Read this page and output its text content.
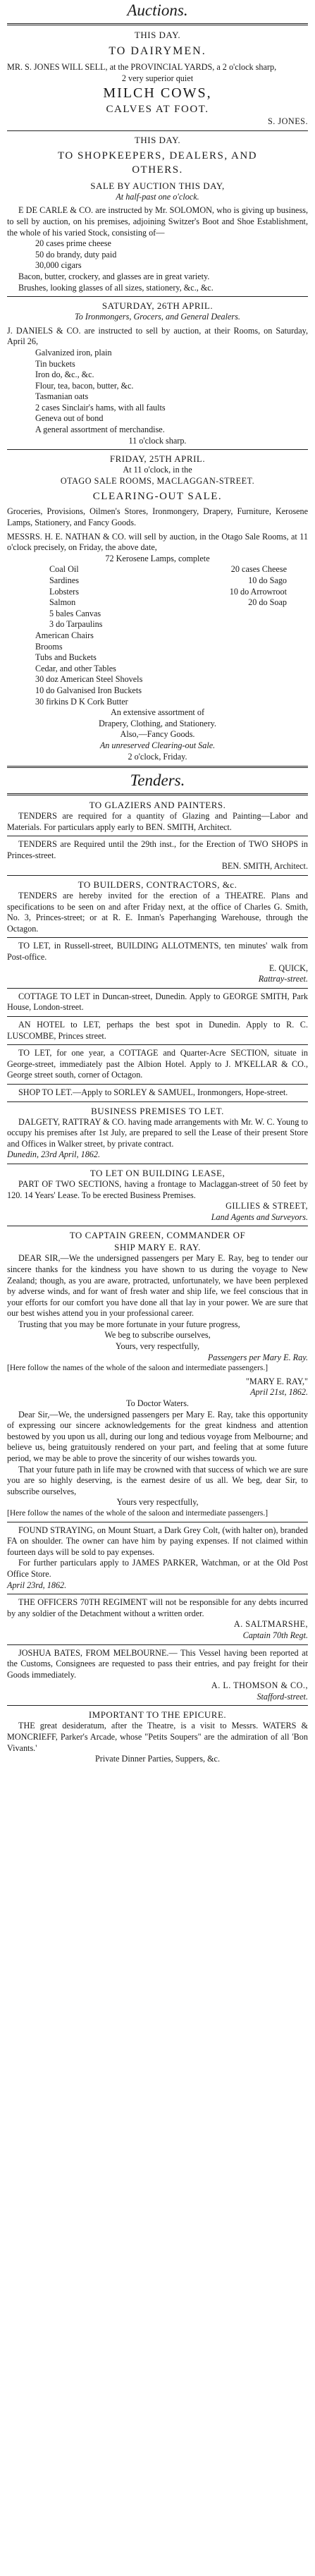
Auctions.
THIS DAY.
TO DAIRYMEN.

MR. S. JONES WILL SELL, at the PROVINCIAL YARDS, a 2 o'clock sharp,

2 very superior quiet
MILCH COWS,
CALVES AT FOOT.
S. JONES.
THIS DAY.
TO SHOPKEEPERS, DEALERS, AND
OTHERS.
SALE BY AUCTION THIS DAY,
At half-past one o'clock.

E DE CARLE & CO. are instructed by Mr. SOLOMON, who is giving up business, to sell by auction, on his premises, adjoining Switzer's Boot and Shoe Establishment, the whole of his varied Stock, consisting of—

20 cases prime cheese
50 do brandy, duty paid
30,000 cigars

Bacon, butter, crockery, and glasses are in great variety.

Brushes, looking glasses of all sizes, stationery, &c., &c.

SATURDAY, 26TH APRIL.
To Ironmongers, Grocers, and General Dealers.

J. DANIELS & CO. are instructed to sell by auction, at their Rooms, on Saturday, April 26,

Galvanized iron, plain
Tin buckets
Iron do, &c., &c.
Flour, tea, bacon, butter, &c.
Tasmanian oats
2 cases Sinclair's hams, with all faults
Geneva out of bond
A general assortment of merchandise.
11 o'clock sharp.
FRIDAY, 25TH APRIL.
At 11 o'clock, in the
OTAGO SALE ROOMS, MACLAGGAN-STREET.
CLEARING-OUT SALE.

Groceries, Provisions, Oilmen's Stores, Ironmongery, Drapery, Furniture, Kerosene Lamps, Stationery, and Fancy Goods.

MESSRS. H. E. NATHAN & CO. will sell by auction, in the Otago Sale Rooms, at 11 o'clock precisely, on Friday, the above date,

72 Kerosene Lamps, complete
Coal Oil	20 cases Cheese
Sardines	10 do Sago
Lobsters	10 do Arrowroot
Salmon	20 do Soap
5 bales Canvas
3 do Tarpaulins
American Chairs
Brooms
Tubs and Buckets
Cedar, and other Tables
30 doz American Steel Shovels
10 do Galvanised Iron Buckets
30 firkins D K Cork Butter
An extensive assortment of
Drapery, Clothing, and Stationery.
Also,—Fancy Goods.
An unreserved Clearing-out Sale.
2 o'clock, Friday.
Tenders.
TO GLAZIERS AND PAINTERS.

TENDERS are required for a quantity of Glazing and Painting—Labor and Materials. For particulars apply early to BEN. SMITH, Architect.

TENDERS are Required until the 29th inst., for the Erection of TWO SHOPS in Princes-street.

BEN. SMITH, Architect.
TO BUILDERS, CONTRACTORS, &c.

TENDERS are hereby invited for the erection of a THEATRE. Plans and specifications to be seen on and after Friday next, at the office of Charles G. Smith, No. 3, Princes-street; or at R. E. Inman's Paperhanging Warehouse, through the Octagon.

TO LET, in Russell-street, BUILDING ALLOTMENTS, ten minutes' walk from Post-office.

E. QUICK,
Rattray-street.

COTTAGE TO LET in Duncan-street, Dunedin. Apply to GEORGE SMITH, Park House, London-street.

AN HOTEL to LET, perhaps the best spot in Dunedin. Apply to R. C. LUSCOMBE, Princes street.

TO LET, for one year, a COTTAGE and Quarter-Acre SECTION, situate in George-street, immediately past the Albion Hotel. Apply to J. M'KELLAR & CO., George street south, corner of Octagon.

SHOP TO LET.—Apply to SORLEY & SAMUEL, Ironmongers, Hope-street.

BUSINESS PREMISES TO LET.

DALGETY, RATTRAY & CO. having made arrangements with Mr. W. C. Young to occupy his premises after 1st July, are prepared to sell the Lease of their present Store and Offices in Walker street, by private contract.

Dunedin, 23rd April, 1862.
TO LET ON BUILDING LEASE,

PART OF TWO SECTIONS, having a frontage to Maclaggan-street of 50 feet by 120. 14 Years' Lease. To be erected Business Premises.

GILLIES & STREET,
Land Agents and Surveyors.
TO CAPTAIN GREEN, COMMANDER OF
SHIP MARY E. RAY.

DEAR SIR,—We the undersigned passengers per Mary E. Ray, beg to tender our sincere thanks for the kindness you have shown to us during the voyage to New Zealand; though, as you are aware, protracted, unfortunately, we have been perplexed by adverse winds, and for want of fresh water and ship life, we feel conscious that in your efforts for our comfort you have done all that lay in your power. We are sure that our best wishes attend you in your professional career.

Trusting that you may be more fortunate in your future progress,

We beg to subscribe ourselves,
Yours, very respectfully,
Passengers per Mary E. Ray.

[Here follow the names of the whole of the saloon and intermediate passengers.]

"MARY E. RAY,"
April 21st, 1862.
To Doctor Waters.

Dear Sir,—We, the undersigned passengers per Mary E. Ray, take this opportunity of expressing our sincere acknowledgements for the great kindness and attention bestowed by you upon us all, during our long and tedious voyage from Melbourne; and believe us, being gratuitously rendered on your part, and feeling that at some future period, we may be able to prove the sincerity of our wishes towards you.

That your future path in life may be crowned with that success of which we are sure you are so highly deserving, is the earnest desire of us all. We beg, dear Sir, to subscribe ourselves,

Yours very respectfully,

[Here follow the names of the whole of the saloon and intermediate passengers.]

FOUND STRAYING, on Mount Stuart, a Dark Grey Colt, (with halter on), branded FA on shoulder. The owner can have him by paying expenses. If not claimed within fourteen days will be sold to pay expenses.

For further particulars apply to JAMES PARKER, Watchman, or at the Old Post Office Store.

April 23rd, 1862.

THE OFFICERS 70TH REGIMENT will not be responsible for any debts incurred by any soldier of the Detachment without a written order.

A. SALTMARSHE,
Captain 70th Regt.

JOSHUA BATES, FROM MELBOURNE.— This Vessel having been reported at the Customs, Consignees are requested to pass their entries, and pay freight for their Goods immediately.

A. L. THOMSON & CO.,
Stafford-street.
IMPORTANT TO THE EPICURE.

THE great desideratum, after the Theatre, is a visit to Messrs. WATERS & MONCRIEFF, Parker's Arcade, whose "Petits Soupers" are the admiration of all 'Bon Vivants.'

Private Dinner Parties, Suppers, &c.
